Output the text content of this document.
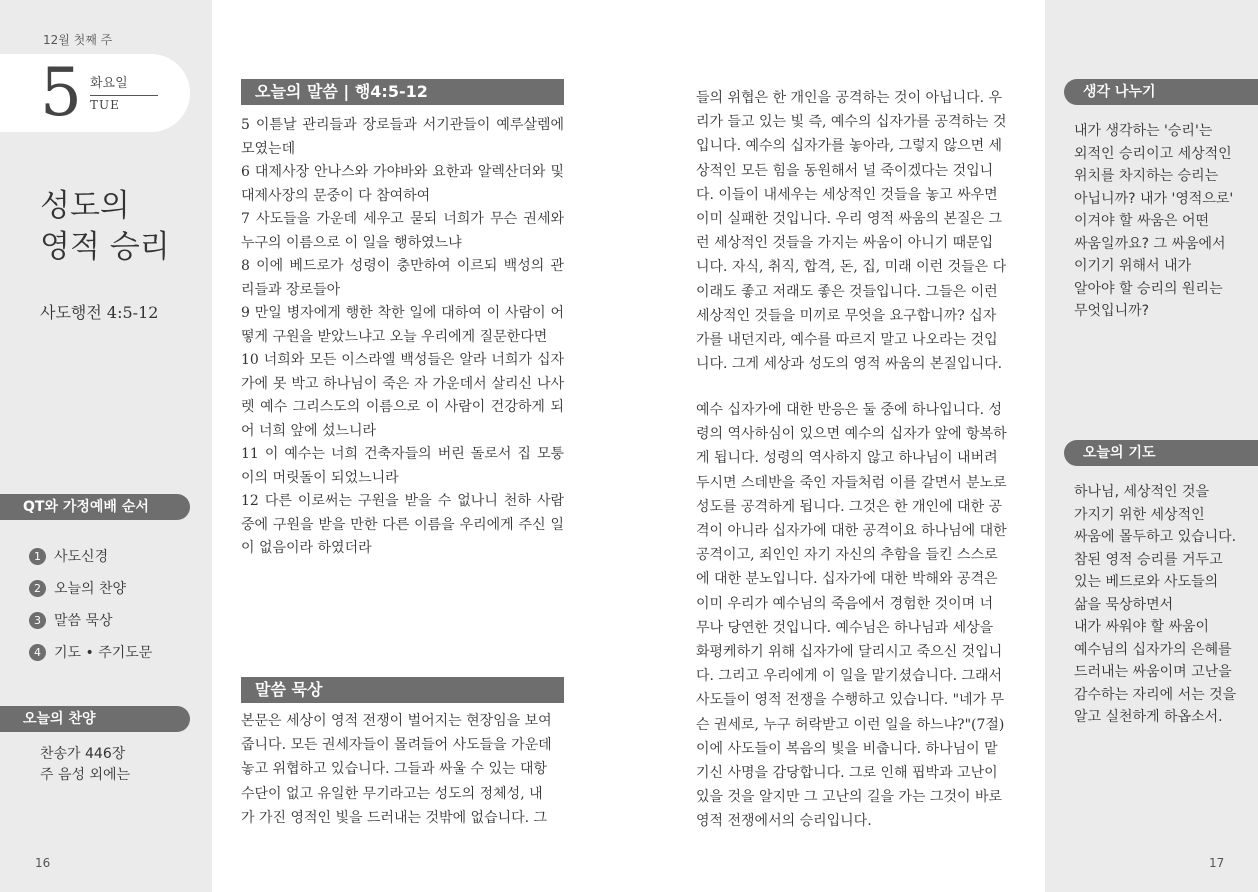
12월 첫째 주
5 화요일
TUE
성도의
영적 승리
사도행전 4:5-12
QT와 가정예배 순서
1 사도신경
2 오늘의 찬양
3 말씀 묵상
4 기도 • 주기도문
오늘의 찬양
찬송가 446장
주 음성 외에는
16
오늘의 말씀 | 행4:5-12
5 이튿날 관리들과 장로들과 서기관들이 예루살렘에 모였는데
6 대제사장 안나스와 가야바와 요한과 알렉산더와 및 대제사장의 문중이 다 참여하여
7 사도들을 가운데 세우고 묻되 너희가 무슨 권세와 누구의 이름으로 이 일을 행하였느냐
8 이에 베드로가 성령이 충만하여 이르되 백성의 관리들과 장로들아
9 만일 병자에게 행한 착한 일에 대하여 이 사람이 어떻게 구원을 받았느냐고 오늘 우리에게 질문한다면
10 너희와 모든 이스라엘 백성들은 알라 너희가 십자가에 못 박고 하나님이 죽은 자 가운데서 살리신 나사렛 예수 그리스도의 이름으로 이 사람이 건강하게 되어 너희 앞에 섰느니라
11 이 예수는 너희 건축자들의 버린 돌로서 집 모퉁이의 머릿돌이 되었느니라
12 다른 이로써는 구원을 받을 수 없나니 천하 사람 중에 구원을 받을 만한 다른 이름을 우리에게 주신 일이 없음이라 하였더라
말씀 묵상
본문은 세상이 영적 전쟁이 벌어지는 현장임을 보여
줍니다. 모든 권세자들이 몰려들어 사도들을 가운데
놓고 위협하고 있습니다. 그들과 싸울 수 있는 대항
수단이 없고 유일한 무기라고는 성도의 정체성, 내
가 가진 영적인 빛을 드러내는 것밖에 없습니다. 그
들의 위협은 한 개인을 공격하는 것이 아닙니다. 우
리가 들고 있는 빛 즉, 예수의 십자가를 공격하는 것
입니다. 예수의 십자가를 놓아라, 그렇지 않으면 세
상적인 모든 힘을 동원해서 널 죽이겠다는 것입니
다. 이들이 내세우는 세상적인 것들을 놓고 싸우면
이미 실패한 것입니다. 우리 영적 싸움의 본질은 그
런 세상적인 것들을 가지는 싸움이 아니기 때문입
니다. 자식, 취직, 합격, 돈, 집, 미래 이런 것들은 다
이래도 좋고 저래도 좋은 것들입니다. 그들은 이런
세상적인 것들을 미끼로 무엇을 요구합니까? 십자
가를 내던지라, 예수를 따르지 말고 나오라는 것입
니다. 그게 세상과 성도의 영적 싸움의 본질입니다.
예수 십자가에 대한 반응은 둘 중에 하나입니다. 성
령의 역사하심이 있으면 예수의 십자가 앞에 항복하
게 됩니다. 성령의 역사하지 않고 하나님이 내버려
두시면 스데반을 죽인 자들처럼 이를 갈면서 분노로
성도를 공격하게 됩니다. 그것은 한 개인에 대한 공
격이 아니라 십자가에 대한 공격이요 하나님에 대한
공격이고, 죄인인 자기 자신의 추함을 들킨 스스로
에 대한 분노입니다. 십자가에 대한 박해와 공격은
이미 우리가 예수님의 죽음에서 경험한 것이며 너
무나 당연한 것입니다. 예수님은 하나님과 세상을
화평케하기 위해 십자가에 달리시고 죽으신 것입니
다. 그리고 우리에게 이 일을 맡기셨습니다. 그래서
사도들이 영적 전쟁을 수행하고 있습니다. "네가 무
슨 권세로, 누구 허락받고 이런 일을 하느냐?"(7절)
이에 사도들이 복음의 빛을 비춥니다. 하나님이 맡
기신 사명을 감당합니다. 그로 인해 핍박과 고난이
있을 것을 알지만 그 고난의 길을 가는 그것이 바로
영적 전쟁에서의 승리입니다.
생각 나누기
내가 생각하는 '승리'는
외적인 승리이고 세상적인
위치를 차지하는 승리는
아닙니까? 내가 '영적으로'
이겨야 할 싸움은 어떤
싸움일까요? 그 싸움에서
이기기 위해서 내가
알아야 할 승리의 원리는
무엇입니까?
오늘의 기도
하나님, 세상적인 것을
가지기 위한 세상적인
싸움에 몰두하고 있습니다.
참된 영적 승리를 거두고
있는 베드로와 사도들의
삶을 묵상하면서
내가 싸워야 할 싸움이
예수님의 십자가의 은혜를
드러내는 싸움이며 고난을
감수하는 자리에 서는 것을
알고 실천하게 하옵소서.
17
